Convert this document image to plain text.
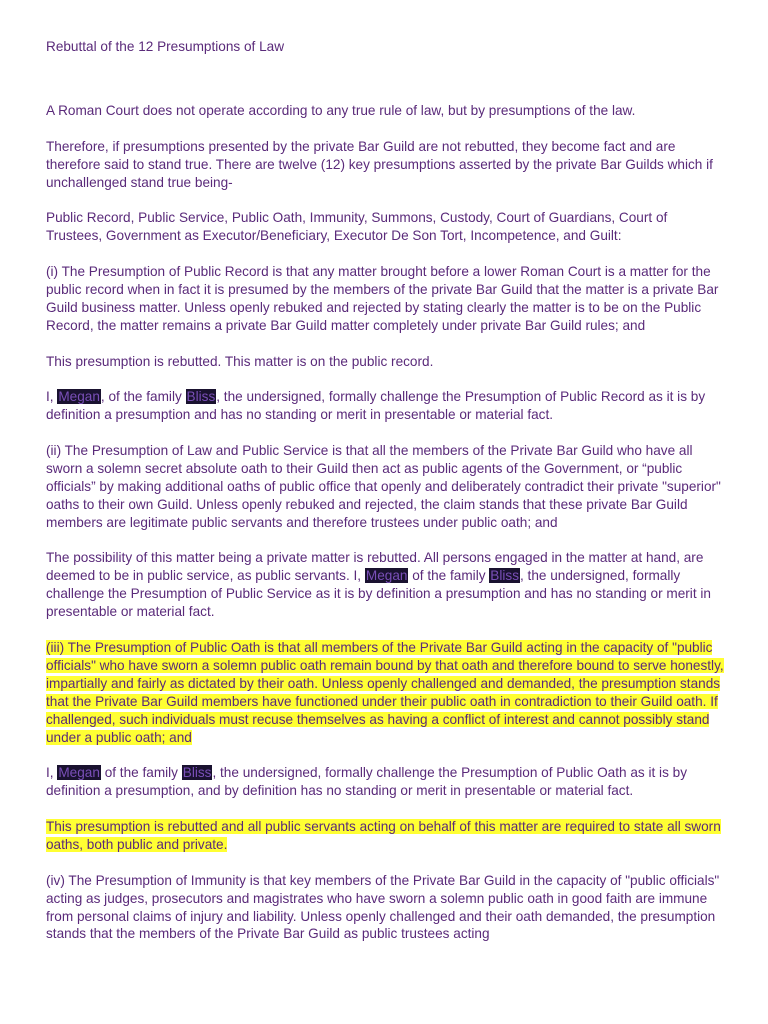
Rebuttal of the 12 Presumptions of Law

A Roman Court does not operate according to any true rule of law, but by presumptions of the law.

Therefore, if presumptions presented by the private Bar Guild are not rebutted, they become fact and are therefore said to stand true. There are twelve (12) key presumptions asserted by the private Bar Guilds which if unchallenged stand true being-

Public Record, Public Service, Public Oath, Immunity, Summons, Custody, Court of Guardians, Court of Trustees, Government as Executor/Beneficiary, Executor De Son Tort, Incompetence, and Guilt:

(i) The Presumption of Public Record is that any matter brought before a lower Roman Court is a matter for the public record when in fact it is presumed by the members of the private Bar Guild that the matter is a private Bar Guild business matter. Unless openly rebuked and rejected by stating clearly the matter is to be on the Public Record, the matter remains a private Bar Guild matter completely under private Bar Guild rules; and

This presumption is rebutted. This matter is on the public record.

I, Megan, of the family Bliss, the undersigned, formally challenge the Presumption of Public Record as it is by definition a presumption and has no standing or merit in presentable or material fact.

(ii) The Presumption of Law and Public Service is that all the members of the Private Bar Guild who have all sworn a solemn secret absolute oath to their Guild then act as public agents of the Government, or “public officials” by making additional oaths of public office that openly and deliberately contradict their private "superior" oaths to their own Guild. Unless openly rebuked and rejected, the claim stands that these private Bar Guild members are legitimate public servants and therefore trustees under public oath; and

The possibility of this matter being a private matter is rebutted. All persons engaged in the matter at hand, are deemed to be in public service, as public servants. I, Megan of the family Bliss, the undersigned, formally challenge the Presumption of Public Service as it is by definition a presumption and has no standing or merit in presentable or material fact.

(iii) The Presumption of Public Oath is that all members of the Private Bar Guild acting in the capacity of "public officials" who have sworn a solemn public oath remain bound by that oath and therefore bound to serve honestly, impartially and fairly as dictated by their oath. Unless openly challenged and demanded, the presumption stands that the Private Bar Guild members have functioned under their public oath in contradiction to their Guild oath. If challenged, such individuals must recuse themselves as having a conflict of interest and cannot possibly stand under a public oath; and

I, Megan of the family Bliss, the undersigned, formally challenge the Presumption of Public Oath as it is by definition a presumption, and by definition has no standing or merit in presentable or material fact.

This presumption is rebutted and all public servants acting on behalf of this matter are required to state all sworn oaths, both public and private.

(iv) The Presumption of Immunity is that key members of the Private Bar Guild in the capacity of "public officials" acting as judges, prosecutors and magistrates who have sworn a solemn public oath in good faith are immune from personal claims of injury and liability. Unless openly challenged and their oath demanded, the presumption stands that the members of the Private Bar Guild as public trustees acting
